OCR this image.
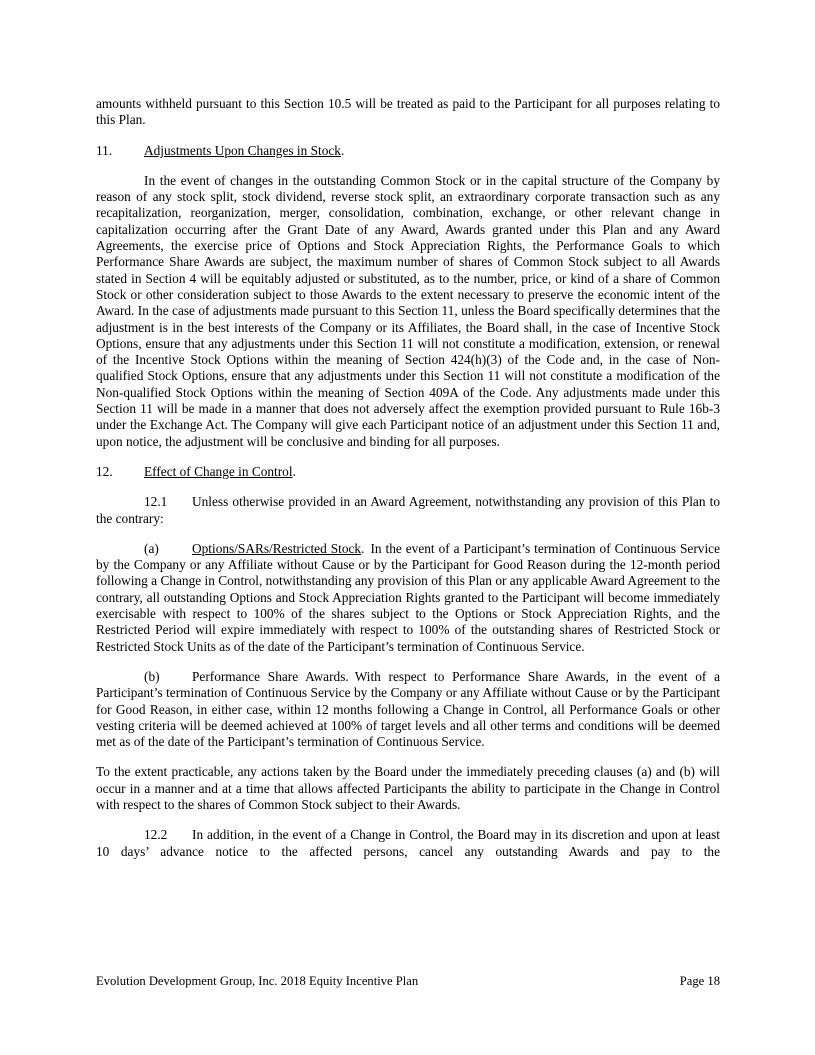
amounts withheld pursuant to this Section 10.5 will be treated as paid to the Participant for all purposes relating to this Plan.

11. Adjustments Upon Changes in Stock.

In the event of changes in the outstanding Common Stock or in the capital structure of the Company by reason of any stock split, stock dividend, reverse stock split, an extraordinary corporate transaction such as any recapitalization, reorganization, merger, consolidation, combination, exchange, or other relevant change in capitalization occurring after the Grant Date of any Award, Awards granted under this Plan and any Award Agreements, the exercise price of Options and Stock Appreciation Rights, the Performance Goals to which Performance Share Awards are subject, the maximum number of shares of Common Stock subject to all Awards stated in Section 4 will be equitably adjusted or substituted, as to the number, price, or kind of a share of Common Stock or other consideration subject to those Awards to the extent necessary to preserve the economic intent of the Award. In the case of adjustments made pursuant to this Section 11, unless the Board specifically determines that the adjustment is in the best interests of the Company or its Affiliates, the Board shall, in the case of Incentive Stock Options, ensure that any adjustments under this Section 11 will not constitute a modification, extension, or renewal of the Incentive Stock Options within the meaning of Section 424(h)(3) of the Code and, in the case of Non-qualified Stock Options, ensure that any adjustments under this Section 11 will not constitute a modification of the Non-qualified Stock Options within the meaning of Section 409A of the Code. Any adjustments made under this Section 11 will be made in a manner that does not adversely affect the exemption provided pursuant to Rule 16b-3 under the Exchange Act. The Company will give each Participant notice of an adjustment under this Section 11 and, upon notice, the adjustment will be conclusive and binding for all purposes.

12. Effect of Change in Control.

12.1 Unless otherwise provided in an Award Agreement, notwithstanding any provision of this Plan to the contrary:

(a) Options/SARs/Restricted Stock. In the event of a Participant’s termination of Continuous Service by the Company or any Affiliate without Cause or by the Participant for Good Reason during the 12-month period following a Change in Control, notwithstanding any provision of this Plan or any applicable Award Agreement to the contrary, all outstanding Options and Stock Appreciation Rights granted to the Participant will become immediately exercisable with respect to 100% of the shares subject to the Options or Stock Appreciation Rights, and the Restricted Period will expire immediately with respect to 100% of the outstanding shares of Restricted Stock or Restricted Stock Units as of the date of the Participant’s termination of Continuous Service.

(b) Performance Share Awards. With respect to Performance Share Awards, in the event of a Participant’s termination of Continuous Service by the Company or any Affiliate without Cause or by the Participant for Good Reason, in either case, within 12 months following a Change in Control, all Performance Goals or other vesting criteria will be deemed achieved at 100% of target levels and all other terms and conditions will be deemed met as of the date of the Participant’s termination of Continuous Service.

To the extent practicable, any actions taken by the Board under the immediately preceding clauses (a) and (b) will occur in a manner and at a time that allows affected Participants the ability to participate in the Change in Control with respect to the shares of Common Stock subject to their Awards.

12.2 In addition, in the event of a Change in Control, the Board may in its discretion and upon at least 10 days’ advance notice to the affected persons, cancel any outstanding Awards and pay to the

Evolution Development Group, Inc. 2018 Equity Incentive Plan	Page 18
